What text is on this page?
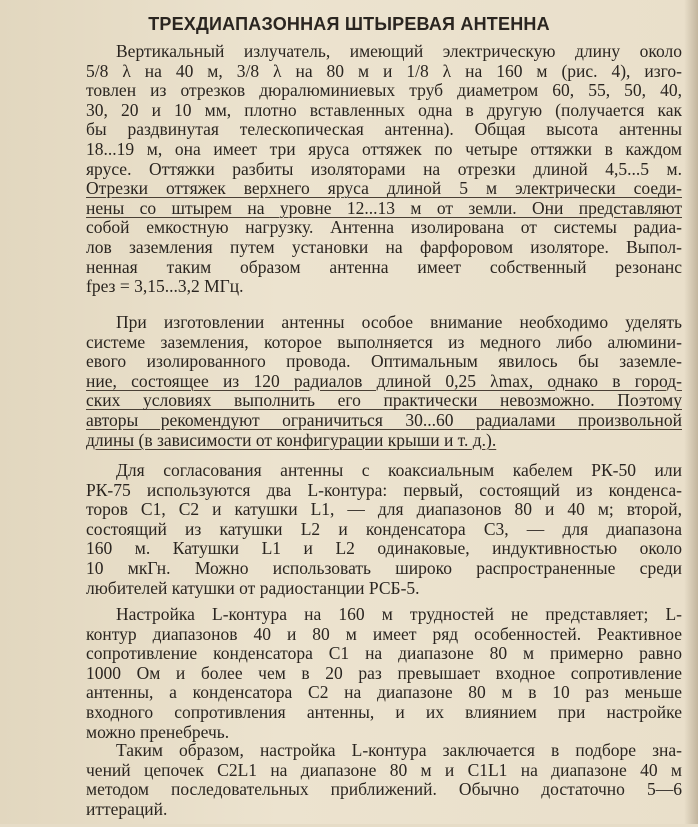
ТРЕХДИАПАЗОННАЯ ШТЫРЕВАЯ АНТЕННА
Вертикальный излучатель, имеющий электрическую длину около
5/8 λ на 40 м, 3/8 λ на 80 м и 1/8 λ на 160 м (рис. 4), изго-
товлен из отрезков дюралюминиевых труб диаметром 60, 55, 50, 40,
30, 20 и 10 мм, плотно вставленных одна в другую (получается как
бы раздвинутая телескопическая антенна). Общая высота антенны
18...19 м, она имеет три яруса оттяжек по четыре оттяжки в каждом
ярусе. Оттяжки разбиты изоляторами на отрезки длиной 4,5...5 м.
Отрезки оттяжек верхнего яруса длиной 5 м электрически соеди-
нены со штырем на уровне 12...13 м от земли. Они представляют
собой емкостную нагрузку. Антенна изолирована от системы радиа-
лов заземления путем установки на фарфоровом изоляторе. Выпол-
ненная таким образом антенна имеет собственный резонанс
fрез = 3,15...3,2 МГц.
При изготовлении антенны особое внимание необходимо уделять
системе заземления, которое выполняется из медного либо алюмини-
евого изолированного провода. Оптимальным явилось бы заземле-
ние, состоящее из 120 радиалов длиной 0,25 λmax, однако в город-
ских условиях выполнить его практически невозможно. Поэтому
авторы рекомендуют ограничиться 30...60 радиалами произвольной
длины (в зависимости от конфигурации крыши и т. д.).
Для согласования антенны с коаксиальным кабелем РК-50 или
РК-75 используются два L-контура: первый, состоящий из конденса-
торов C1, C2 и катушки L1, — для диапазонов 80 и 40 м; второй,
состоящий из катушки L2 и конденсатора C3, — для диапазона
160 м. Катушки L1 и L2 одинаковые, индуктивностью около
10 мкГн. Можно использовать широко распространенные среди
любителей катушки от радиостанции РСБ-5.
Настройка L-контура на 160 м трудностей не представляет; L-
контур диапазонов 40 и 80 м имеет ряд особенностей. Реактивное
сопротивление конденсатора C1 на диапазоне 80 м примерно равно
1000 Ом и более чем в 20 раз превышает входное сопротивление
антенны, а конденсатора C2 на диапазоне 80 м в 10 раз меньше
входного сопротивления антенны, и их влиянием при настройке
можно пренебречь.
Таким образом, настройка L-контура заключается в подборе зна-
чений цепочек C2L1 на диапазоне 80 м и C1L1 на диапазоне 40 м
методом последовательных приближений. Обычно достаточно 5—6
иттераций.
